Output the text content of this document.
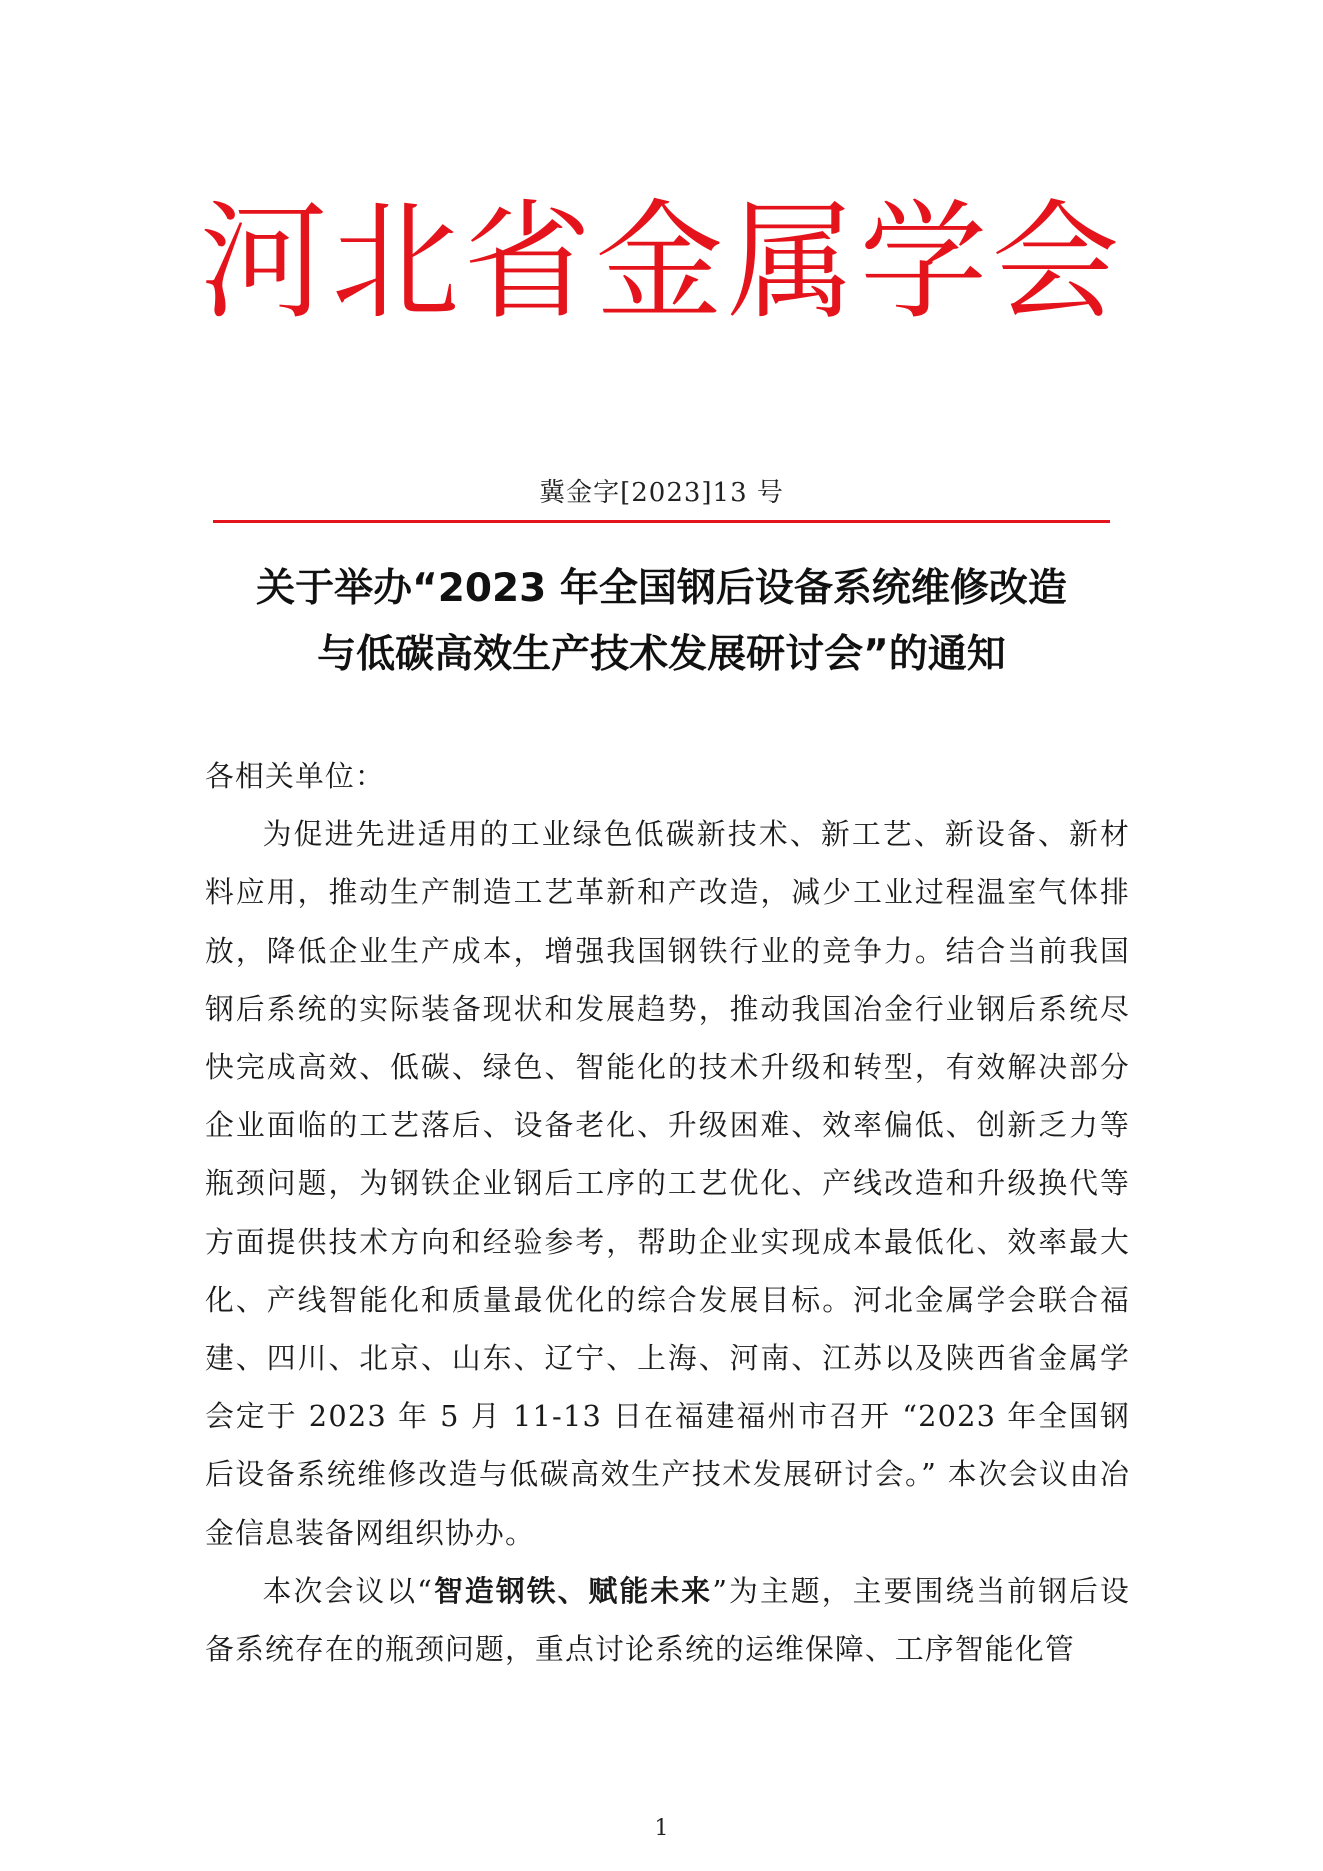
河北省金属学会
冀金字[2023]13 号
关于举办“2023 年全国钢后设备系统维修改造
与低碳高效生产技术发展研讨会”的通知

各相关单位：

为促进先进适用的工业绿色低碳新技术、新工艺、新设备、新材料应用，推动生产制造工艺革新和产改造，减少工业过程温室气体排放，降低企业生产成本，增强我国钢铁行业的竞争力。结合当前我国钢后系统的实际装备现状和发展趋势，推动我国冶金行业钢后系统尽快完成高效、低碳、绿色、智能化的技术升级和转型，有效解决部分企业面临的工艺落后、设备老化、升级困难、效率偏低、创新乏力等瓶颈问题，为钢铁企业钢后工序的工艺优化、产线改造和升级换代等方面提供技术方向和经验参考，帮助企业实现成本最低化、效率最大化、产线智能化和质量最优化的综合发展目标。河北金属学会联合福建、四川、北京、山东、辽宁、上海、河南、江苏以及陕西省金属学会定于 2023 年 5 月 11-13 日在福建福州市召开 “2023 年全国钢后设备系统维修改造与低碳高效生产技术发展研讨会。” 本次会议由冶金信息装备网组织协办。

本次会议以“智造钢铁、赋能未来”为主题，主要围绕当前钢后设备系统存在的瓶颈问题，重点讨论系统的运维保障、工序智能化管

1
